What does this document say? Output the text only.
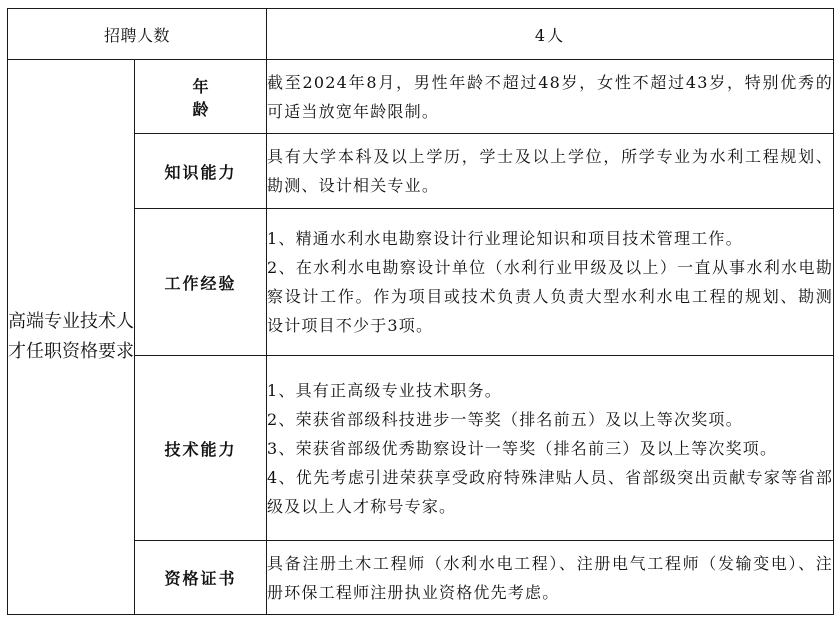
招聘人数		4人
高端专业技术人才任职资格要求	年 龄	截至2024年8月，男性年龄不超过48岁，女性不超过43岁，特别优秀的可适当放宽年龄限制。

	知识能力	具有大学本科及以上学历，学士及以上学位，所学专业为水利工程规划、勘测、设计相关专业。

	工作经验	1、精通水利水电勘察设计行业理论知识和项目技术管理工作。

2、在水利水电勘察设计单位（水利行业甲级及以上）一直从事水利水电勘察设计工作。作为项目或技术负责人负责大型水利水电工程的规划、勘测设计项目不少于3项。

	技术能力	1、具有正高级专业技术职务。

2、荣获省部级科技进步一等奖（排名前五）及以上等次奖项。

3、荣获省部级优秀勘察设计一等奖（排名前三）及以上等次奖项。

4、优先考虑引进荣获享受政府特殊津贴人员、省部级突出贡献专家等省部级及以上人才称号专家。

	资格证书	具备注册土木工程师（水利水电工程）、注册电气工程师（发输变电）、注册环保工程师注册执业资格优先考虑。
